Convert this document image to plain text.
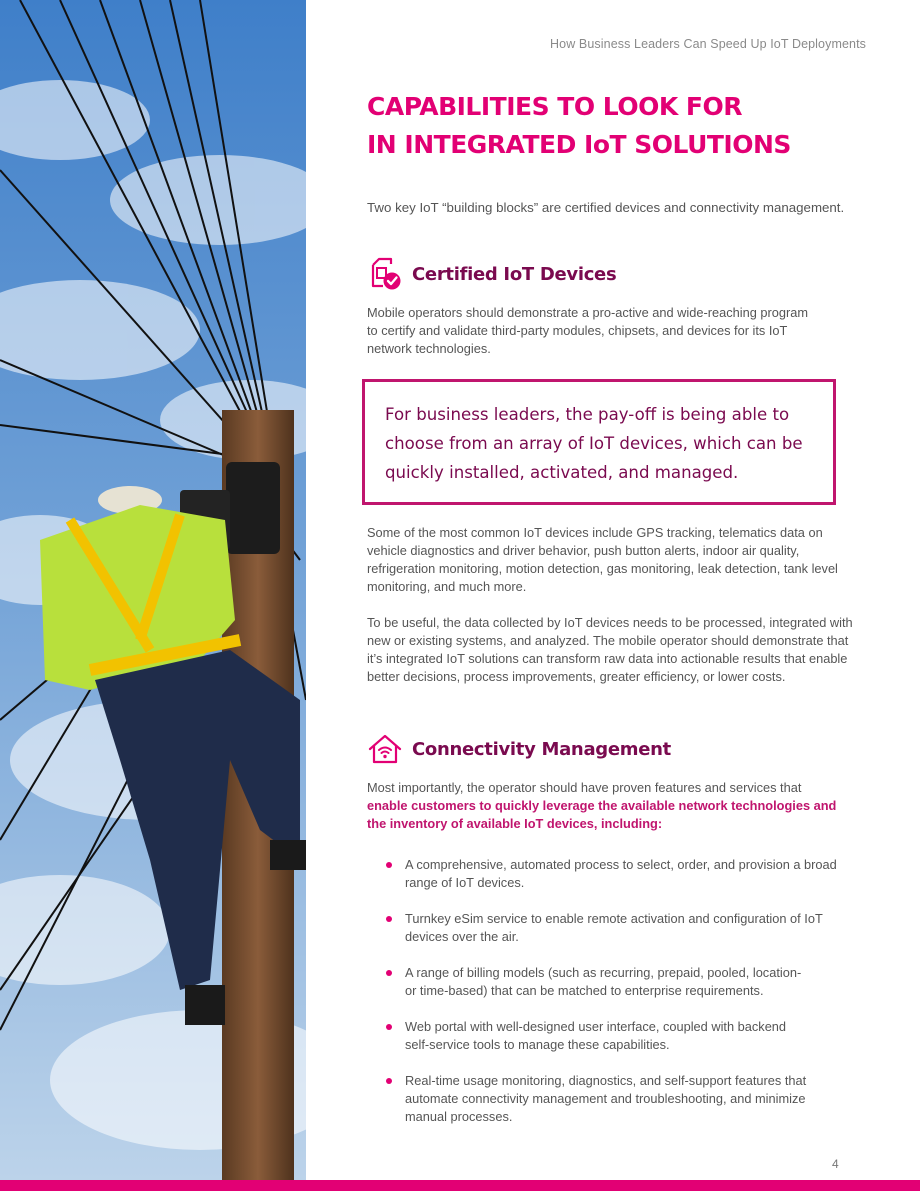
How Business Leaders Can Speed Up IoT Deployments
CAPABILITIES TO LOOK FOR
IN INTEGRATED IoT SOLUTIONS

Two key IoT “building blocks” are certified devices and connectivity management.

Certified IoT Devices

Mobile operators should demonstrate a pro-active and wide-reaching program
to certify and validate third-party modules, chipsets, and devices for its IoT
network technologies.

For business leaders, the pay-off is being able to
choose from an array of IoT devices, which can be
quickly installed, activated, and managed.

Some of the most common IoT devices include GPS tracking, telematics data on
vehicle diagnostics and driver behavior, push button alerts, indoor air quality,
refrigeration monitoring, motion detection, gas monitoring, leak detection, tank level
monitoring, and much more.

To be useful, the data collected by IoT devices needs to be processed, integrated with
new or existing systems, and analyzed. The mobile operator should demonstrate that
it’s integrated IoT solutions can transform raw data into actionable results that enable
better decisions, process improvements, greater efficiency, or lower costs.

Connectivity Management

Most importantly, the operator should have proven features and services that
enable customers to quickly leverage the available network technologies and
the inventory of available IoT devices, including:

A comprehensive, automated process to select, order, and provision a broad
range of IoT devices.
Turnkey eSim service to enable remote activation and configuration of IoT
devices over the air.
A range of billing models (such as recurring, prepaid, pooled, location-
or time-based) that can be matched to enterprise requirements.
Web portal with well-designed user interface, coupled with backend
self-service tools to manage these capabilities.
Real-time usage monitoring, diagnostics, and self-support features that
automate connectivity management and troubleshooting, and minimize
manual processes.
4
